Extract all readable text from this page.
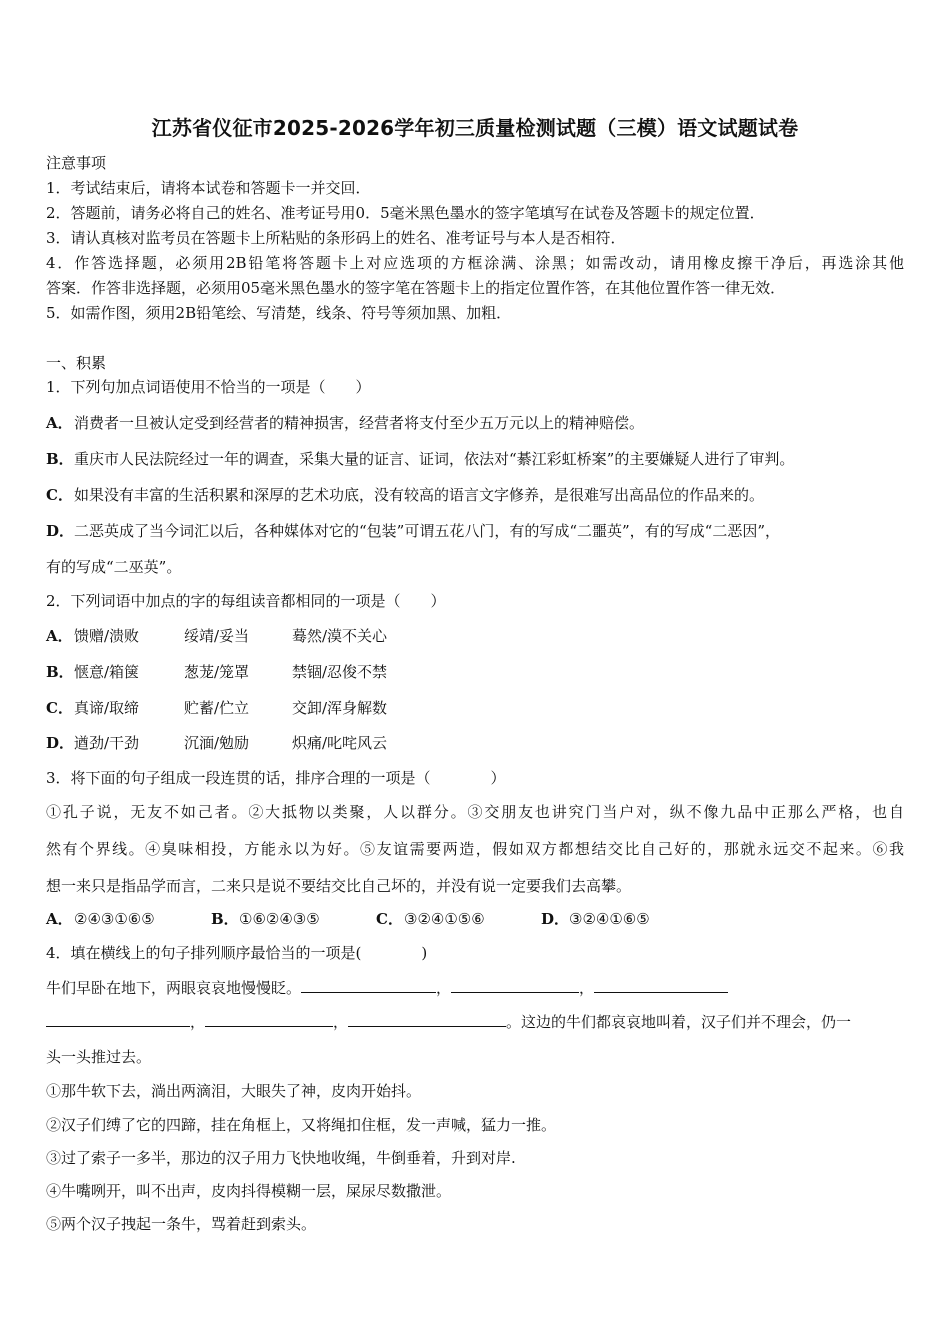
江苏省仪征市2025-2026学年初三质量检测试题（三模）语文试题试卷
注意事项
1．考试结束后，请将本试卷和答题卡一并交回．
2．答题前，请务必将自己的姓名、准考证号用0．5毫米黑色墨水的签字笔填写在试卷及答题卡的规定位置．
3．请认真核对监考员在答题卡上所粘贴的条形码上的姓名、准考证号与本人是否相符．
4．作答选择题，必须用2B铅笔将答题卡上对应选项的方框涂满、涂黑；如需改动，请用橡皮擦干净后，再选涂其他
答案．作答非选择题，必须用05毫米黑色墨水的签字笔在答题卡上的指定位置作答，在其他位置作答一律无效．
5．如需作图，须用2B铅笔绘、写清楚，线条、符号等须加黑、加粗．
一、积累
1．下列句加点词语使用不恰当的一项是（　　）
A．消费者一旦被认定受到经营者的精神损害，经营者将支付至少五万元以上的精神赔偿。
B．重庆市人民法院经过一年的调查，采集大量的证言、证词，依法对“綦江彩虹桥案”的主要嫌疑人进行了审判。
C．如果没有丰富的生活积累和深厚的艺术功底，没有较高的语言文字修养，是很难写出高品位的作品来的。
D．二恶英成了当今词汇以后，各种媒体对它的“包装”可谓五花八门，有的写成“二噩英”，有的写成“二恶因”，
有的写成“二巫英”。
2．下列词语中加点的字的每组读音都相同的一项是（　　）
A．馈赠/溃败	绥靖/妥当	蓦然/漠不关心
B．惬意/箱箧	葱茏/笼罩	禁锢/忍俊不禁
C．真谛/取缔	贮蓄/伫立	交卸/浑身解数
D．遒劲/干劲	沉湎/勉励	炽痛/叱咤风云
3．将下面的句子组成一段连贯的话，排序合理的一项是（　　　　）
①孔子说，无友不如己者。②大抵物以类聚，人以群分。③交朋友也讲究门当户对，纵不像九品中正那么严格，也自
然有个界线。④臭味相投，方能永以为好。⑤友谊需要两造，假如双方都想结交比自己好的，那就永远交不起来。⑥我
想一来只是指品学而言，二来只是说不要结交比自己坏的，并没有说一定要我们去高攀。
A．②④③①⑥⑤	B．①⑥②④③⑤	C．③②④①⑤⑥	D．③②④①⑥⑤
4．填在横线上的句子排列顺序最恰当的一项是(　　　　)
牛们早卧在地下，两眼哀哀地慢慢眨。	，	，
，	，	。这边的牛们都哀哀地叫着，汉子们并不理会，仍一
头一头推过去。
①那牛软下去，淌出两滴泪，大眼失了神，皮肉开始抖。
②汉子们缚了它的四蹄，挂在角框上，又将绳扣住框，发一声喊，猛力一推。
③过了索子一多半，那边的汉子用力飞快地收绳，牛倒垂着，升到对岸.
④牛嘴咧开，叫不出声，皮肉抖得模糊一层，屎尿尽数撒泄。
⑤两个汉子拽起一条牛，骂着赶到索头。
